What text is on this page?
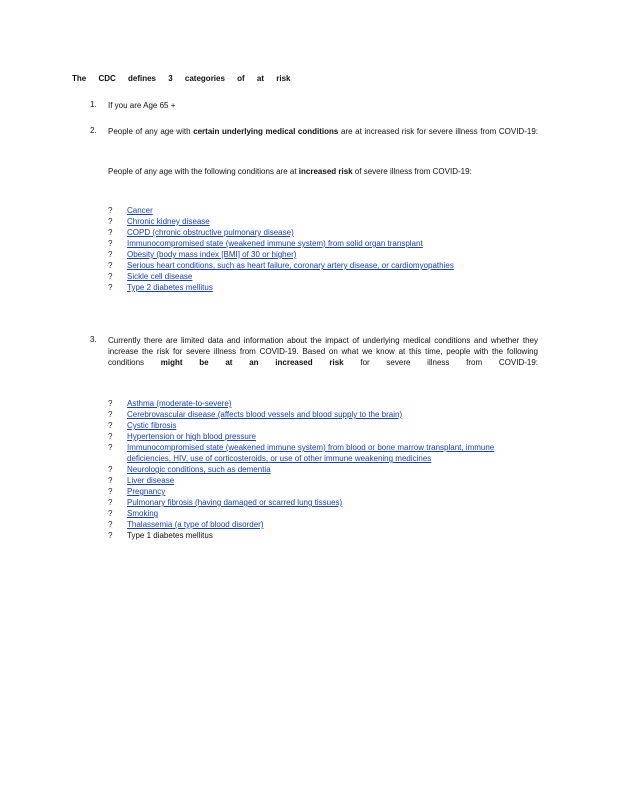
The CDC defines 3 categories of at risk
1. If you are Age 65 +
2. People of any age with certain underlying medical conditions are at increased risk for severe illness from COVID-19:
People of any age with the following conditions are at increased risk of severe illness from COVID-19:
? Cancer
? Chronic kidney disease
? COPD (chronic obstructive pulmonary disease)
? Immunocompromised state (weakened immune system) from solid organ transplant
? Obesity (body mass index [BMI] of 30 or higher)
? Serious heart conditions, such as heart failure, coronary artery disease, or cardiomyopathies
? Sickle cell disease
? Type 2 diabetes mellitus
3. Currently there are limited data and information about the impact of underlying medical conditions and whether they increase the risk for severe illness from COVID-19. Based on what we know at this time, people with the following conditions might be at an increased risk for severe illness from COVID-19:
? Asthma (moderate-to-severe)
? Cerebrovascular disease (affects blood vessels and blood supply to the brain)
? Cystic fibrosis
? Hypertension or high blood pressure
? Immunocompromised state (weakened immune system) from blood or bone marrow transplant, immune deficiencies, HIV, use of corticosteroids, or use of other immune weakening medicines
? Neurologic conditions, such as dementia
? Liver disease
? Pregnancy
? Pulmonary fibrosis (having damaged or scarred lung tissues)
? Smoking
? Thalassemia (a type of blood disorder)
? Type 1 diabetes mellitus
